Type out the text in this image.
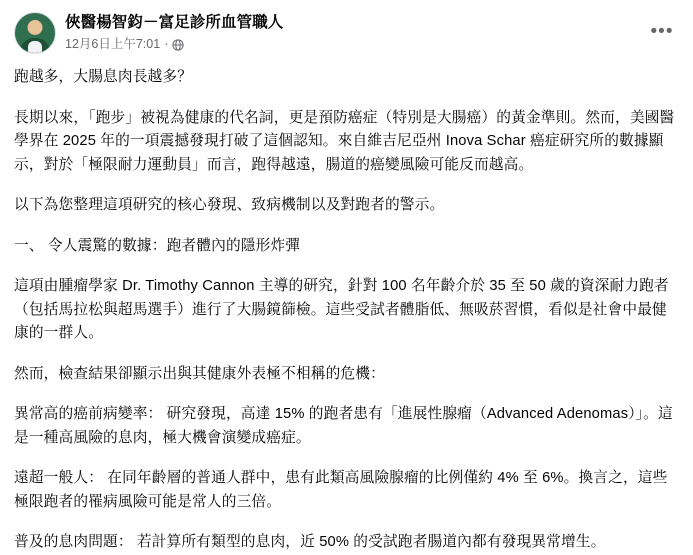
俠醫楊智鈞－富足診所血管職人
12月6日上午7:01 ·
•••

跑越多，大腸息肉長越多？

長期以來，「跑步」被視為健康的代名詞，更是預防癌症（特別是大腸癌）的黃金準則。然而，美國醫學界在 2025 年的一項震撼發現打破了這個認知。來自維吉尼亞州 Inova Schar 癌症研究所的數據顯示，對於「極限耐力運動員」而言，跑得越遠，腸道的癌變風險可能反而越高。

以下為您整理這項研究的核心發現、致病機制以及對跑者的警示。

一、 令人震驚的數據：跑者體內的隱形炸彈

這項由腫瘤學家 Dr. Timothy Cannon 主導的研究，針對 100 名年齡介於 35 至 50 歲的資深耐力跑者（包括馬拉松與超馬選手）進行了大腸鏡篩檢。這些受試者體脂低、無吸菸習慣，看似是社會中最健康的一群人。

然而，檢查結果卻顯示出與其健康外表極不相稱的危機：

異常高的癌前病變率： 研究發現，高達 15% 的跑者患有「進展性腺瘤（Advanced Adenomas）」。這是一種高風險的息肉，極大機會演變成癌症。

遠超一般人： 在同年齡層的普通人群中，患有此類高風險腺瘤的比例僅約 4% 至 6%。換言之，這些極限跑者的罹病風險可能是常人的三倍。

普及的息肉問題： 若計算所有類型的息肉，近 50% 的受試跑者腸道內都有發現異常增生。
